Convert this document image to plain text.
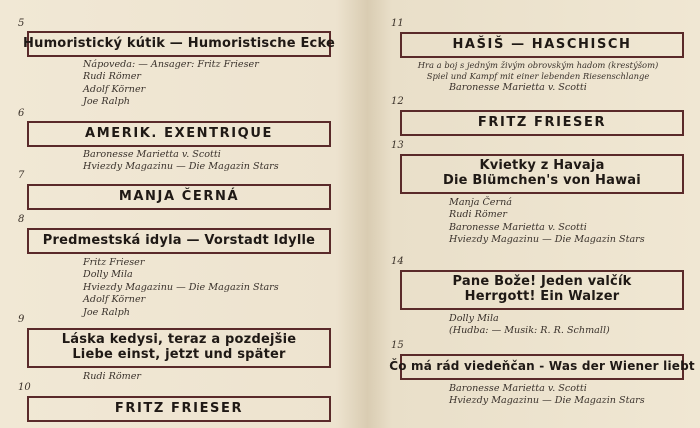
5
Humoristický kútik — Humoristische Ecke
Nápoveda: — Ansager: Fritz Frieser
Rudi Römer
Adolf Körner
Joe Ralph
6
AMERIK. EXENTRIQUE
Baronesse Marietta v. Scotti
Hviezdy Magazinu — Die Magazin Stars
7
MANJA ČERNÁ
8
Predmestská idyla — Vorstadt Idylle
Fritz Frieser
Dolly Mila
Hviezdy Magazinu — Die Magazin Stars
Adolf Körner
Joe Ralph
9
Láska kedysi, teraz a pozdejšie
Liebe einst, jetzt und später
Rudi Römer
10
FRITZ FRIESER
11
HAŠIŠ — HASCHISCH
Hra a boj s jedným živým obrovským hadom (krestýšom)
Spiel und Kampf mit einer lebenden Riesenschlange
Baronesse Marietta v. Scotti
12
FRITZ FRIESER
13
Kvietky z Havaja
Die Blümchen's von Hawai
Manja Černá
Rudi Römer
Baronesse Marietta v. Scotti
Hviezdy Magazinu — Die Magazin Stars
14
Pane Bože! Jeden valčík
Herrgott! Ein Walzer
Dolly Mila
(Hudba: — Musik: R. R. Schmall)
15
Čo má rád viedeňčan - Was der Wiener liebt
Baronesse Marietta v. Scotti
Hviezdy Magazinu — Die Magazin Stars
